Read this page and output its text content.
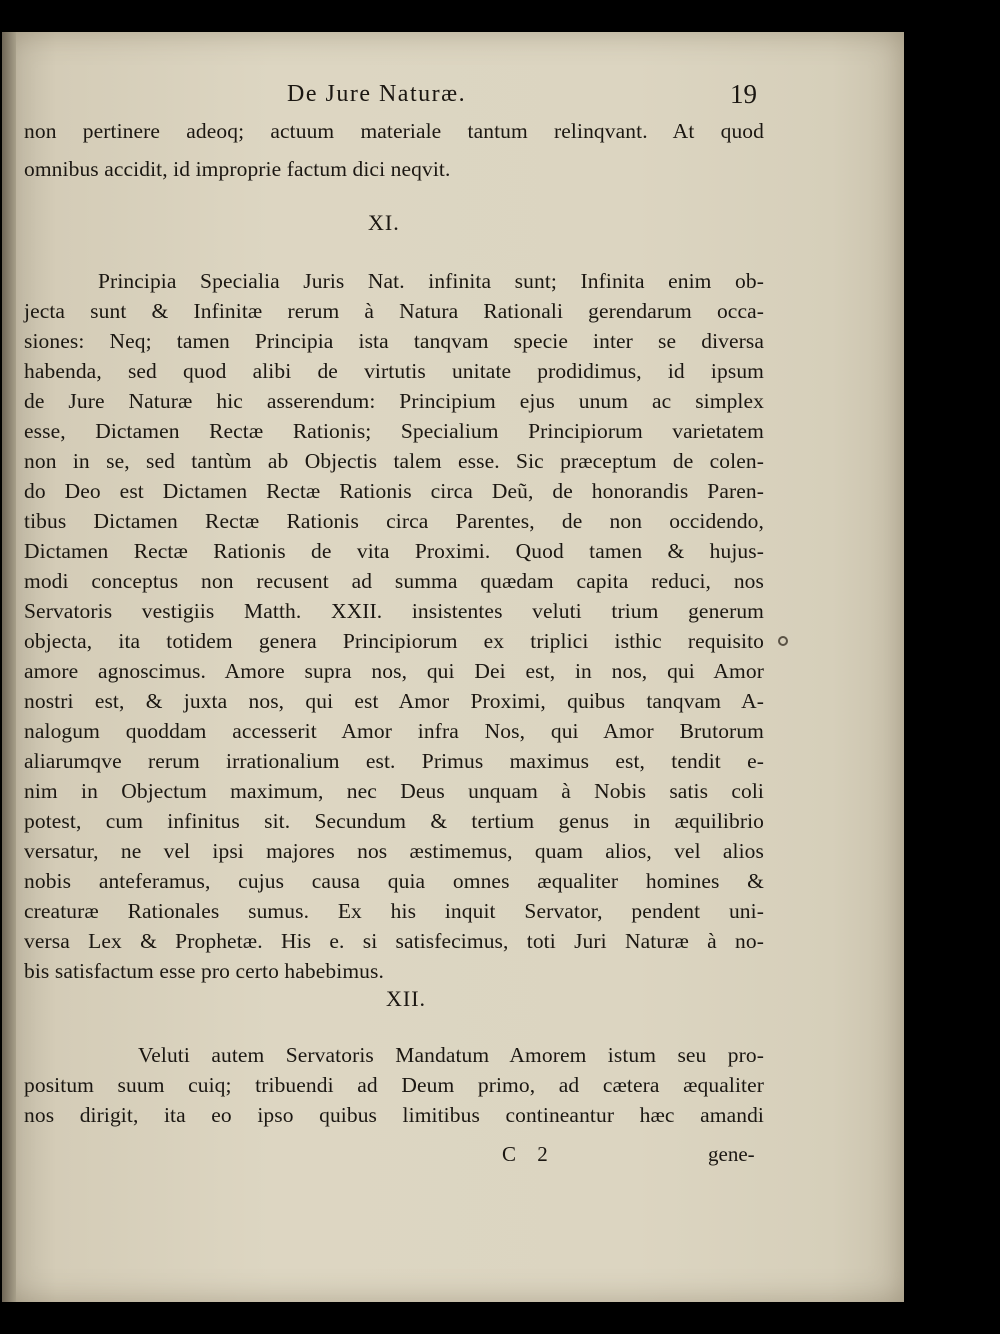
De Jure Naturæ.	19
non pertinere adeoq; actuum materiale tantum relinqvant. At quod
omnibus accidit, id improprie factum dici neqvit.
XI.
Principia Specialia Juris Nat. infinita sunt; Infinita enim ob-
jecta sunt & Infinitæ rerum à Natura Rationali gerendarum occa-
siones: Neq; tamen Principia ista tanqvam specie inter se diversa
habenda, sed quod alibi de virtutis unitate prodidimus, id ipsum
de Jure Naturæ hic asserendum: Principium ejus unum ac simplex
esse, Dictamen Rectæ Rationis; Specialium Principiorum varietatem
non in se, sed tantùm ab Objectis talem esse. Sic præceptum de colen-
do Deo est Dictamen Rectæ Rationis circa Deũ, de honorandis Paren-
tibus Dictamen Rectæ Rationis circa Parentes, de non occidendo,
Dictamen Rectæ Rationis de vita Proximi. Quod tamen & hujus-
modi conceptus non recusent ad summa quædam capita reduci, nos
Servatoris vestigiis Matth. XXII. insistentes veluti trium generum
objecta, ita totidem genera Principiorum ex triplici isthic requisito
amore agnoscimus. Amore supra nos, qui Dei est, in nos, qui Amor
nostri est, & juxta nos, qui est Amor Proximi, quibus tanqvam A-
nalogum quoddam accesserit Amor infra Nos, qui Amor Brutorum
aliarumqve rerum irrationalium est. Primus maximus est, tendit e-
nim in Objectum maximum, nec Deus unquam à Nobis satis coli
potest, cum infinitus sit. Secundum & tertium genus in æquilibrio
versatur, ne vel ipsi majores nos æstimemus, quam alios, vel alios
nobis anteferamus, cujus causa quia omnes æqualiter homines &
creaturæ Rationales sumus. Ex his inquit Servator, pendent uni-
versa Lex & Prophetæ. His e. si satisfecimus, toti Juri Naturæ à no-
bis satisfactum esse pro certo habebimus.
XII.
Veluti autem Servatoris Mandatum Amorem istum seu pro-
positum suum cuiq; tribuendi ad Deum primo, ad cætera æqualiter
nos dirigit, ita eo ipso quibus limitibus contineantur hæc amandi
C 2	gene-
